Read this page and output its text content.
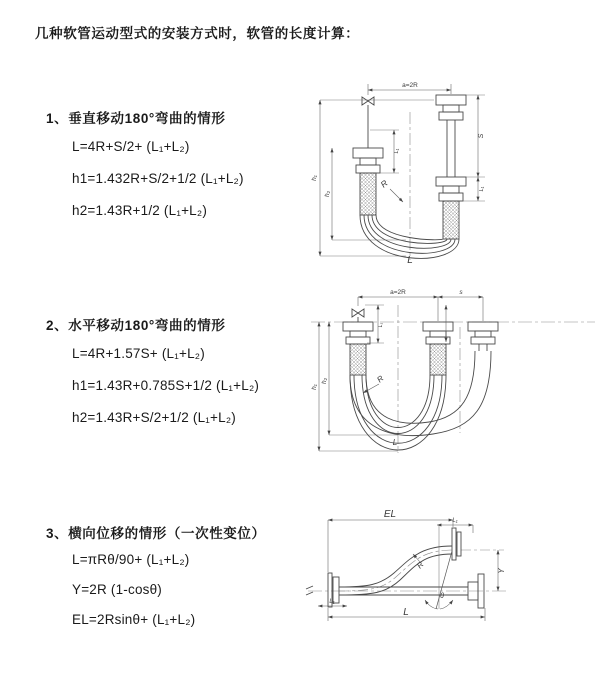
几种软管运动型式的安装方式时，软管的长度计算：
1、垂直移动180°弯曲的情形
L=4R+S/2+ (L₁+L₂)
h1=1.432R+S/2+1/2 (L₁+L₂)
h2=1.43R+1/2 (L₁+L₂)
2、水平移动180°弯曲的情形
L=4R+1.57S+ (L₁+L₂)
h1=1.43R+0.785S+1/2 (L₁+L₂)
h2=1.43R+S/2+1/2 (L₁+L₂)
3、横向位移的情形（一次性变位）
L=πRθ/90+ (L₁+L₂)
Y=2R (1-cosθ)
EL=2Rsinθ+ (L₁+L₂)
a=2R
h₁
h₂
S
L₁
L₁
R
L
a=2R	s
h₁
h₂
L₁
R
L
EL
L₁
Y
R
θ
L
L₁
